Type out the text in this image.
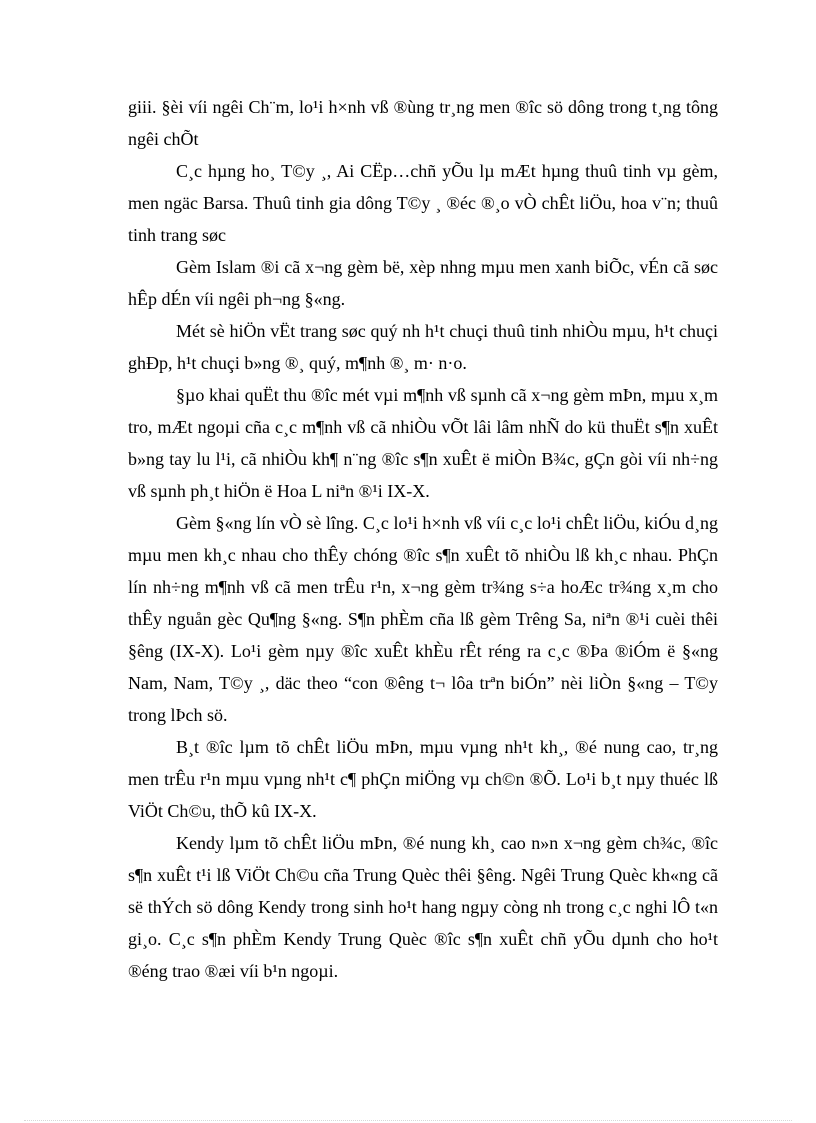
giii. §èi víi ngêi Ch¨m, lo¹i h×nh vß ®ùng tr¸ng men ®îc sö dông trong t¸ng tông ngêi chÕt

C¸c hµng ho¸ T©y ¸, Ai CËp…chñ yÕu lµ mÆt hµng thuû tinh vµ gèm, men ngäc Barsa. Thuû tinh gia dông T©y ¸ ®éc ®¸o vÒ chÊt liÖu, hoa v¨n; thuû tinh trang søc

Gèm Islam ®i cã x¬ng gèm bë, xèp nhng mµu men xanh biÕc, vÉn cã søc hÊp dÉn víi ngêi ph¬ng §«ng.

Mét sè hiÖn vËt trang søc quý nh h¹t chuçi thuû tinh nhiÒu mµu, h¹t chuçi ghÐp, h¹t chuçi b»ng ®¸ quý, m¶nh ®¸ m· n·o.

§µo khai quËt thu ®îc mét vµi m¶nh vß sµnh cã x¬ng gèm mÞn, mµu x¸m tro, mÆt ngoµi cña c¸c m¶nh vß cã nhiÒu vÕt lâi lâm nhÑ do kü thuËt s¶n xuÊt b»ng tay lu l¹i, cã nhiÒu kh¶ n¨ng ®îc s¶n xuÊt ë miÒn B¾c, gÇn gòi víi nh÷ng vß sµnh ph¸t hiÖn ë Hoa L niªn ®¹i IX-X.

Gèm §«ng lín vÒ sè lîng. C¸c lo¹i h×nh vß víi c¸c lo¹i chÊt liÖu, kiÓu d¸ng mµu men kh¸c nhau cho thÊy chóng ®îc s¶n xuÊt tõ nhiÒu lß kh¸c nhau. PhÇn lín nh÷ng m¶nh vß cã men trÊu r¹n, x¬ng gèm tr¾ng s÷a hoÆc tr¾ng x¸m cho thÊy nguån gèc Qu¶ng §«ng. S¶n phÈm cña lß gèm Trêng Sa, niªn ®¹i cuèi thêi §êng (IX-X). Lo¹i gèm nµy ®îc xuÊt khÈu rÊt réng ra c¸c ®Þa ®iÓm ë §«ng Nam, Nam, T©y ¸, däc theo “con ®êng t¬ lôa trªn biÓn” nèi liÒn §«ng – T©y trong lÞch sö.

B¸t ®îc lµm tõ chÊt liÖu mÞn, mµu vµng nh¹t kh¸, ®é nung cao, tr¸ng men trÊu r¹n mµu vµng nh¹t c¶ phÇn miÖng vµ ch©n ®Õ. Lo¹i b¸t nµy thuéc lß ViÖt Ch©u, thÕ kû IX-X.

Kendy lµm tõ chÊt liÖu mÞn, ®é nung kh¸ cao n»n x¬ng gèm ch¾c, ®îc s¶n xuÊt t¹i lß ViÖt Ch©u cña Trung Quèc thêi §êng. Ngêi Trung Quèc kh«ng cã së thÝch sö dông Kendy trong sinh ho¹t hang ngµy còng nh trong c¸c nghi lÔ t«n gi¸o. C¸c s¶n phÈm Kendy Trung Quèc ®îc s¶n xuÊt chñ yÕu dµnh cho ho¹t ®éng trao ®æi víi b¹n ngoµi.
